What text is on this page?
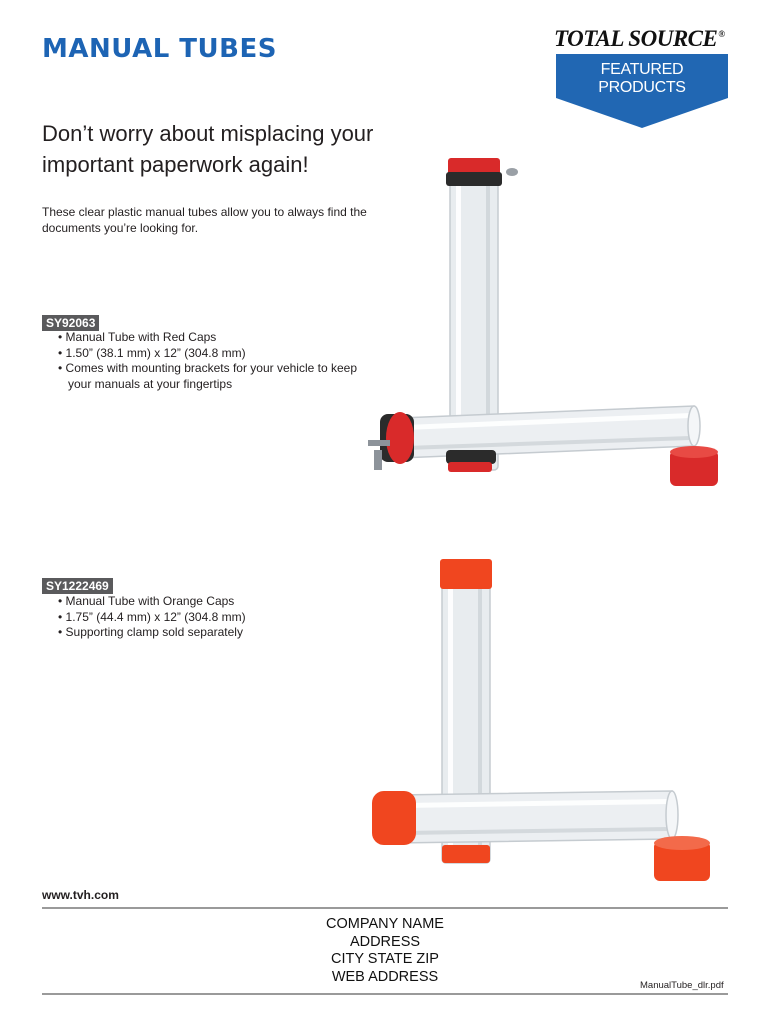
MANUAL TUBES	TOTAL SOURCE®

FEATURED PRODUCTS
Don’t worry about misplacing your important paperwork again!

These clear plastic manual tubes allow you to always find the documents you’re looking for.

SY92063
• Manual Tube with Red Caps
• 1.50” (38.1 mm) x 12” (304.8 mm)
• Comes with mounting brackets for your vehicle to keep your manuals at your fingertips
SY1222469
• Manual Tube with Orange Caps
• 1.75” (44.4 mm) x 12” (304.8 mm)
• Supporting clamp sold separately
www.tvh.com
COMPANY NAME
ADDRESS
CITY STATE ZIP
WEB ADDRESS
ManualTube_dlr.pdf
